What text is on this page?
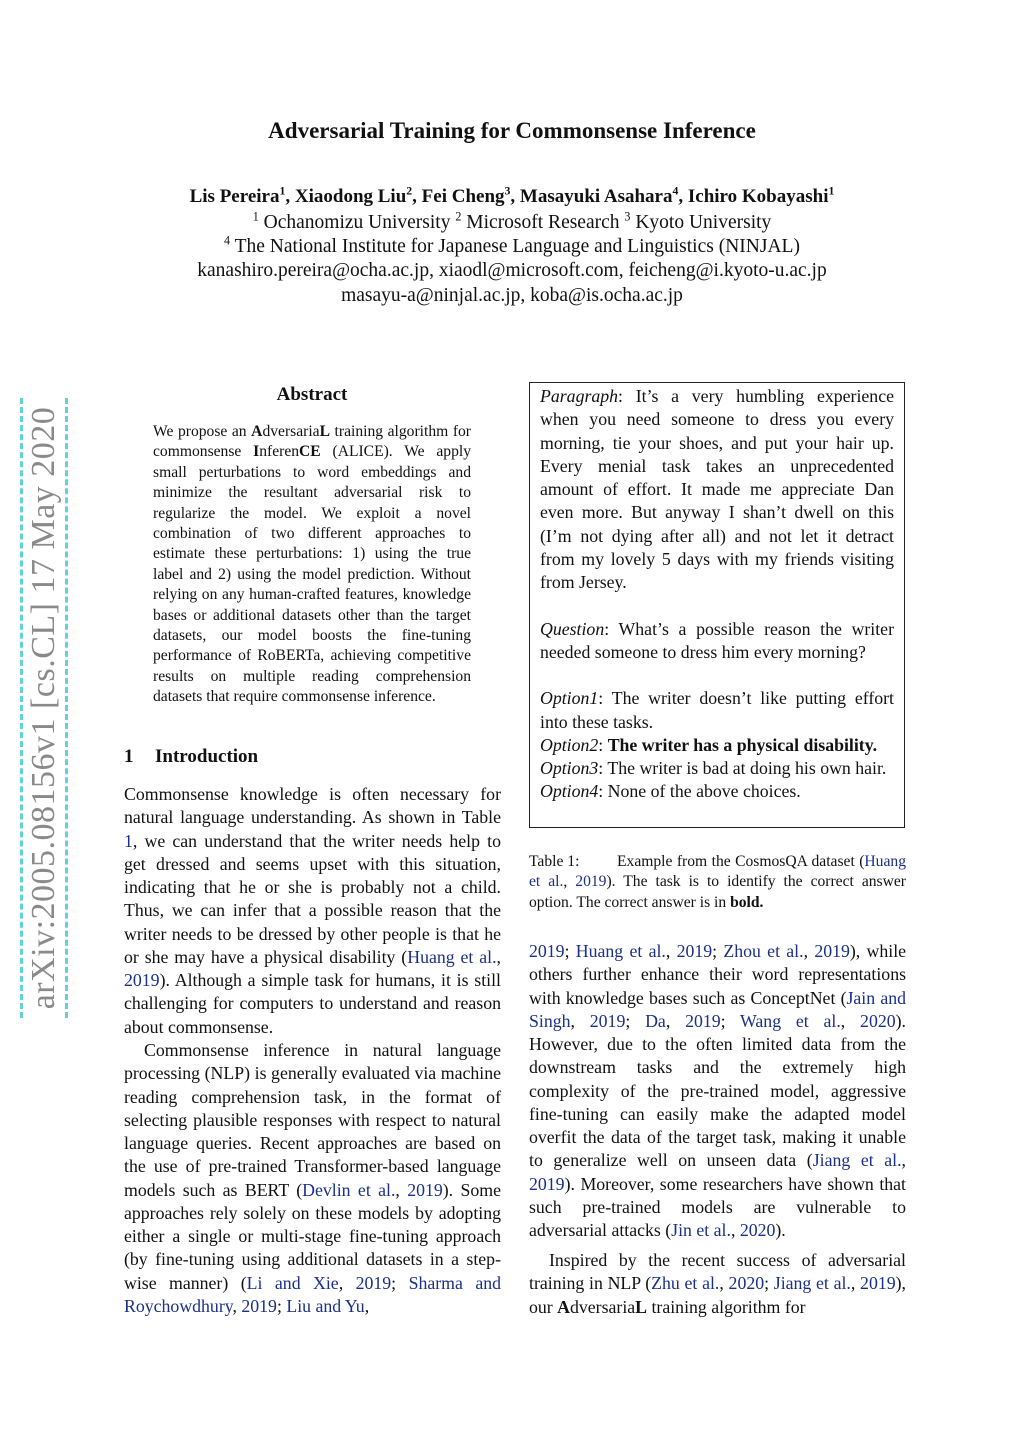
arXiv:2005.08156v1 [cs.CL] 17 May 2020
Adversarial Training for Commonsense Inference
Lis Pereira$^1$, Xiaodong Liu$^2$, Fei Cheng$^3$, Masayuki Asahara$^4$, Ichiro Kobayashi$^1$
$^1$ Ochanomizu University $^2$ Microsoft Research $^3$ Kyoto University
$^4$ The National Institute for Japanese Language and Linguistics (NINJAL)
kanashiro.pereira@ocha.ac.jp, xiaodl@microsoft.com, feicheng@i.kyoto-u.ac.jp
masayu-a@ninjal.ac.jp, koba@is.ocha.ac.jp
Abstract
We propose an AdversariaL training algorithm for commonsense InferenCE (ALICE). We apply small perturbations to word embeddings and minimize the resultant adversarial risk to regularize the model. We exploit a novel combination of two different approaches to estimate these perturbations: 1) using the true label and 2) using the model prediction. Without relying on any human-crafted features, knowledge bases or additional datasets other than the target datasets, our model boosts the fine-tuning performance of RoBERTa, achieving competitive results on multiple reading comprehension datasets that require commonsense inference.
1 Introduction
Commonsense knowledge is often necessary for natural language understanding. As shown in Table 1, we can understand that the writer needs help to get dressed and seems upset with this situation, indicating that he or she is probably not a child. Thus, we can infer that a possible reason that the writer needs to be dressed by other people is that he or she may have a physical disability (Huang et al., 2019). Although a simple task for humans, it is still challenging for computers to understand and reason about commonsense.
Commonsense inference in natural language processing (NLP) is generally evaluated via machine reading comprehension task, in the format of selecting plausible responses with respect to natural language queries. Recent approaches are based on the use of pre-trained Transformer-based language models such as BERT (Devlin et al., 2019). Some approaches rely solely on these models by adopting either a single or multi-stage fine-tuning approach (by fine-tuning using additional datasets in a step-wise manner) (Li and Xie, 2019; Sharma and Roychowdhury, 2019; Liu and Yu,

Paragraph: It’s a very humbling experience when you need someone to dress you every morning, tie your shoes, and put your hair up. Every menial task takes an unprecedented amount of effort. It made me appreciate Dan even more. But anyway I shan’t dwell on this (I’m not dying after all) and not let it detract from my lovely 5 days with my friends visiting from Jersey.

Question: What’s a possible reason the writer needed someone to dress him every morning?

Option1: The writer doesn’t like putting effort into these tasks.

Option2: The writer has a physical disability.

Option3: The writer is bad at doing his own hair.

Option4: None of the above choices.

Table 1: Example from the CosmosQA dataset (Huang et al., 2019). The task is to identify the correct answer option. The correct answer is in bold.
2019; Huang et al., 2019; Zhou et al., 2019), while others further enhance their word representations with knowledge bases such as ConceptNet (Jain and Singh, 2019; Da, 2019; Wang et al., 2020). However, due to the often limited data from the downstream tasks and the extremely high complexity of the pre-trained model, aggressive fine-tuning can easily make the adapted model overfit the data of the target task, making it unable to generalize well on unseen data (Jiang et al., 2019). Moreover, some researchers have shown that such pre-trained models are vulnerable to adversarial attacks (Jin et al., 2020).
Inspired by the recent success of adversarial training in NLP (Zhu et al., 2020; Jiang et al., 2019), our AdversariaL training algorithm for
